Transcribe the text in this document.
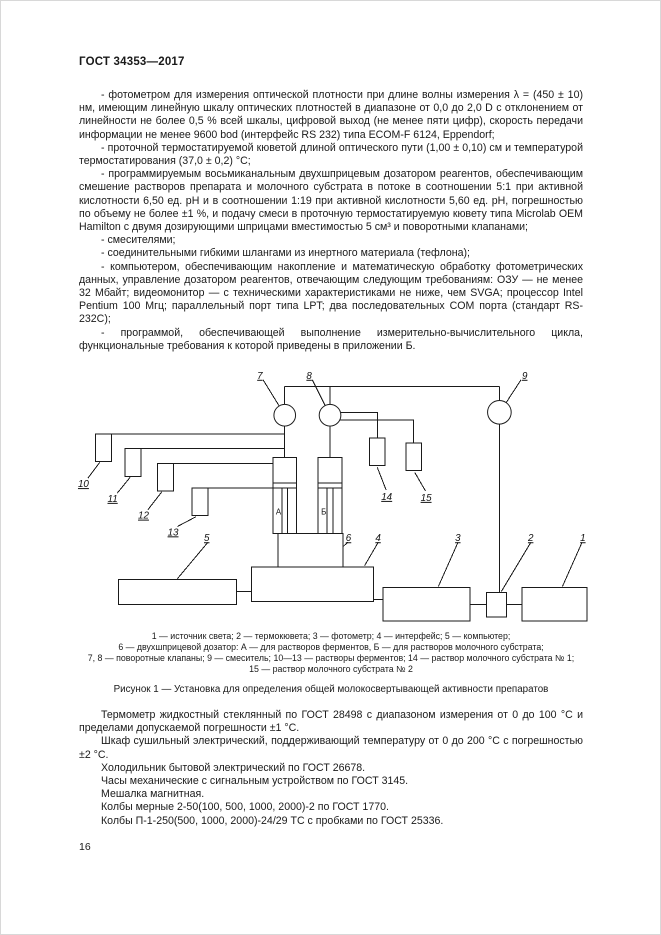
ГОСТ 34353—2017

- фотометром для измерения оптической плотности при длине волны измерения λ = (450 ± 10) нм, имеющим линейную шкалу оптических плотностей в диапазоне от 0,0 до 2,0 D с отклонением от линейности не более 0,5 % всей шкалы, цифровой выход (не менее пяти цифр), скорость передачи информации не менее 9600 bod (интерфейс RS 232) типа ECOM-F 6124, Eppendorf;

- проточной термостатируемой кюветой длиной оптического пути (1,00 ± 0,10) см и температурой термостатирования (37,0 ± 0,2) °С;

- программируемым восьмиканальным двухшприцевым дозатором реагентов, обеспечивающим смешение растворов препарата и молочного субстрата в потоке в соотношении 5:1 при активной кислотности 6,50 ед. pH и в соотношении 1:19 при активной кислотности 5,60 ед. pH, погрешностью по объему не более ±1 %, и подачу смеси в проточную термостатируемую кювету типа Microlab OEM Hamilton с двумя дозирующими шприцами вместимостью 5 см³ и поворотными клапанами;

- смесителями;

- соединительными гибкими шлангами из инертного материала (тефлона);

- компьютером, обеспечивающим накопление и математическую обработку фотометрических данных, управление дозатором реагентов, отвечающим следующим требованиям: ОЗУ — не менее 32 Мбайт; видеомонитор — с техническими характеристиками не ниже, чем SVGA; процессор Intel Pentium 100 Мгц; параллельный порт типа LPT; два последовательных COM порта (стандарт RS-232C);

- программой, обеспечивающей выполнение измерительно-вычислительного цикла, функциональные требования к которой приведены в приложении Б.

7	8	9
10
11
12
13
14	15
5	6 4	3	2	1
А	Б
1 — источник света; 2 — термокювета; 3 — фотометр; 4 — интерфейс; 5 — компьютер;
6 — двухшприцевой дозатор: А — для растворов ферментов, Б — для растворов молочного субстрата;
7, 8 — поворотные клапаны; 9 — смеситель; 10—13 — растворы ферментов; 14 — раствор молочного субстрата № 1;
15 — раствор молочного субстрата № 2
Рисунок 1 — Установка для определения общей молокосвертывающей активности препаратов

Термометр жидкостный стеклянный по ГОСТ 28498 с диапазоном измерения от 0 до 100 °С и пределами допускаемой погрешности ±1 °С.

Шкаф сушильный электрический, поддерживающий температуру от 0 до 200 °С с погрешностью ±2 °С.

Холодильник бытовой электрический по ГОСТ 26678.

Часы механические с сигнальным устройством по ГОСТ 3145.

Мешалка магнитная.

Колбы мерные 2-50(100, 500, 1000, 2000)-2 по ГОСТ 1770.

Колбы П-1-250(500, 1000, 2000)-24/29 ТС с пробками по ГОСТ 25336.

16
